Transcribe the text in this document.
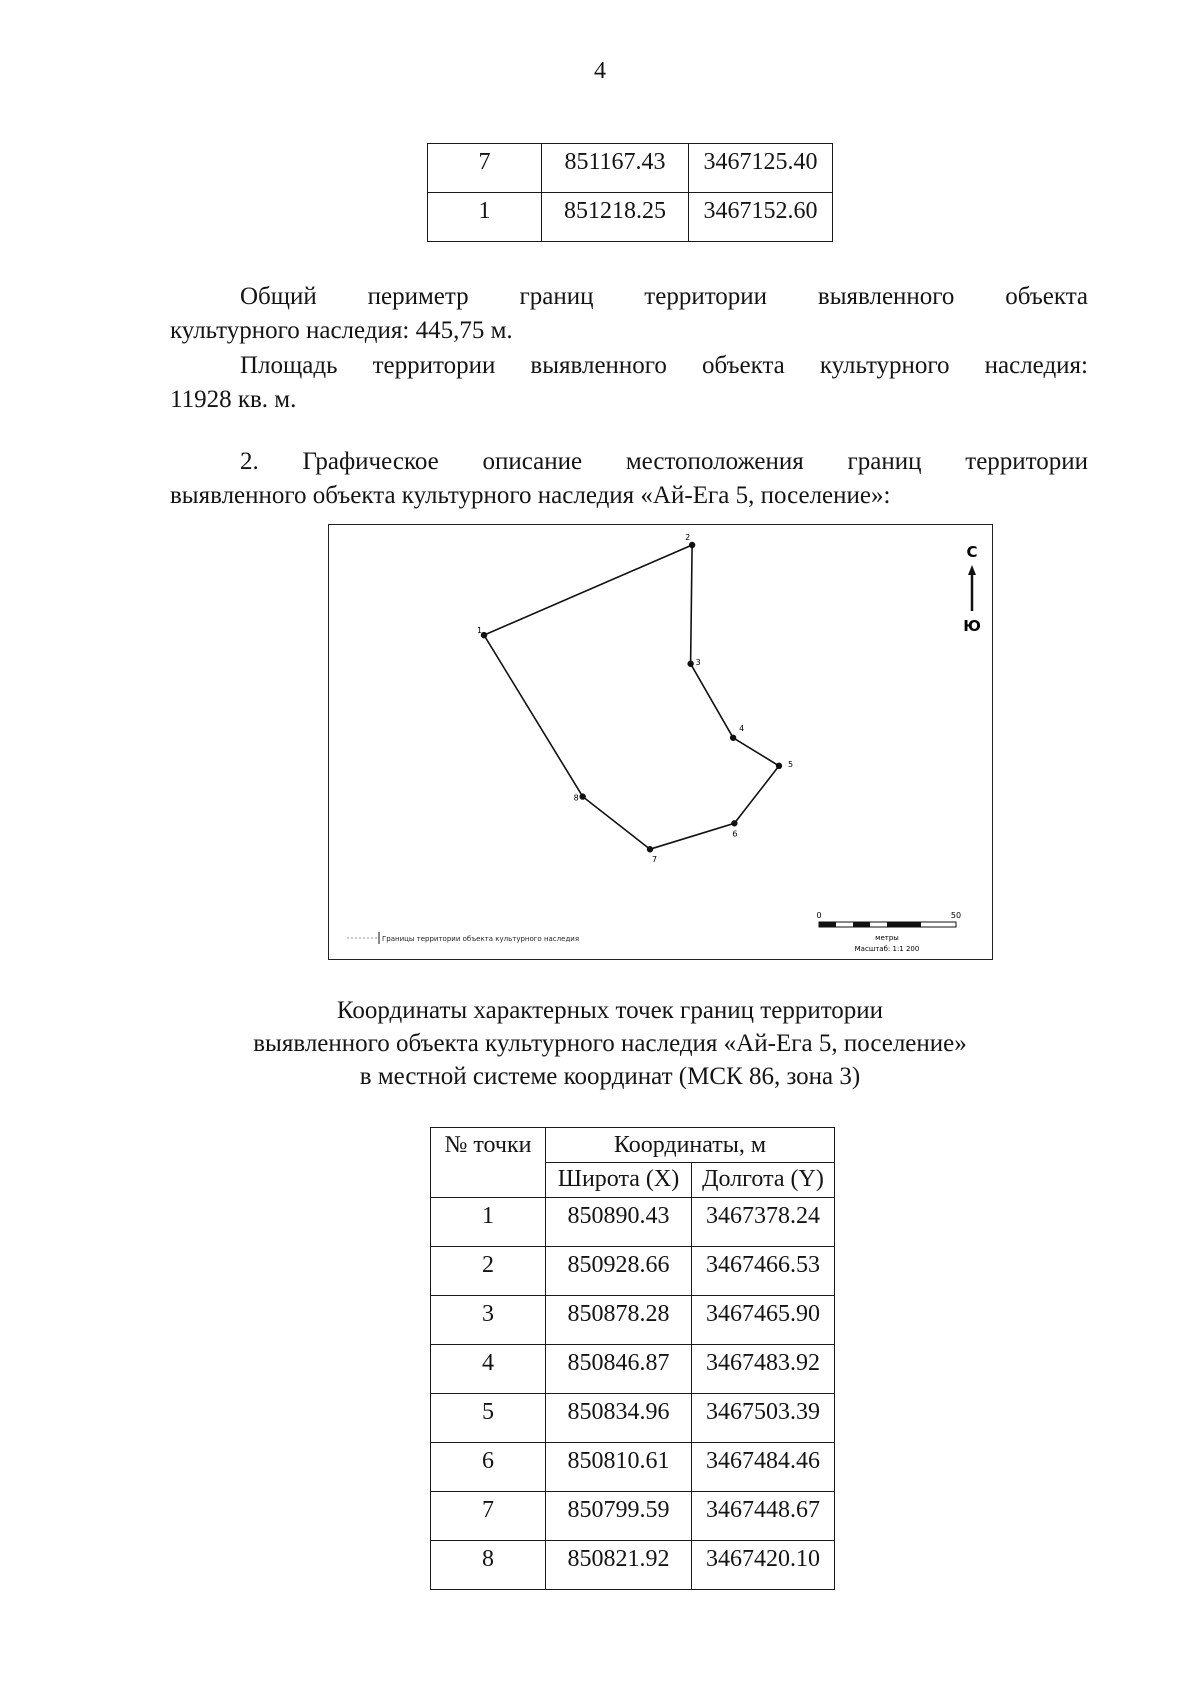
4
7	851167.43	3467125.40
1	851218.25	3467152.60
Общий периметр границ территории выявленного объекта
культурного наследия: 445,75 м.
Площадь территории выявленного объекта культурного наследия:
11928 кв. м.
2. Графическое описание местоположения границ территории
выявленного объекта культурного наследия «Ай-Ега 5, поселение»:
1
2
3
4
5
6
7
8
С
Ю
Границы территории объекта культурного наследия
0	50
метры
Масштаб: 1:1 200
Координаты характерных точек границ территории
выявленного объекта культурного наследия «Ай-Ега 5, поселение»
в местной системе координат (МСК 86, зона 3)
№ точки	Координаты, м	
	Широта (X)	Долгота (Y)
1	850890.43	3467378.24
2	850928.66	3467466.53
3	850878.28	3467465.90
4	850846.87	3467483.92
5	850834.96	3467503.39
6	850810.61	3467484.46
7	850799.59	3467448.67
8	850821.92	3467420.10
